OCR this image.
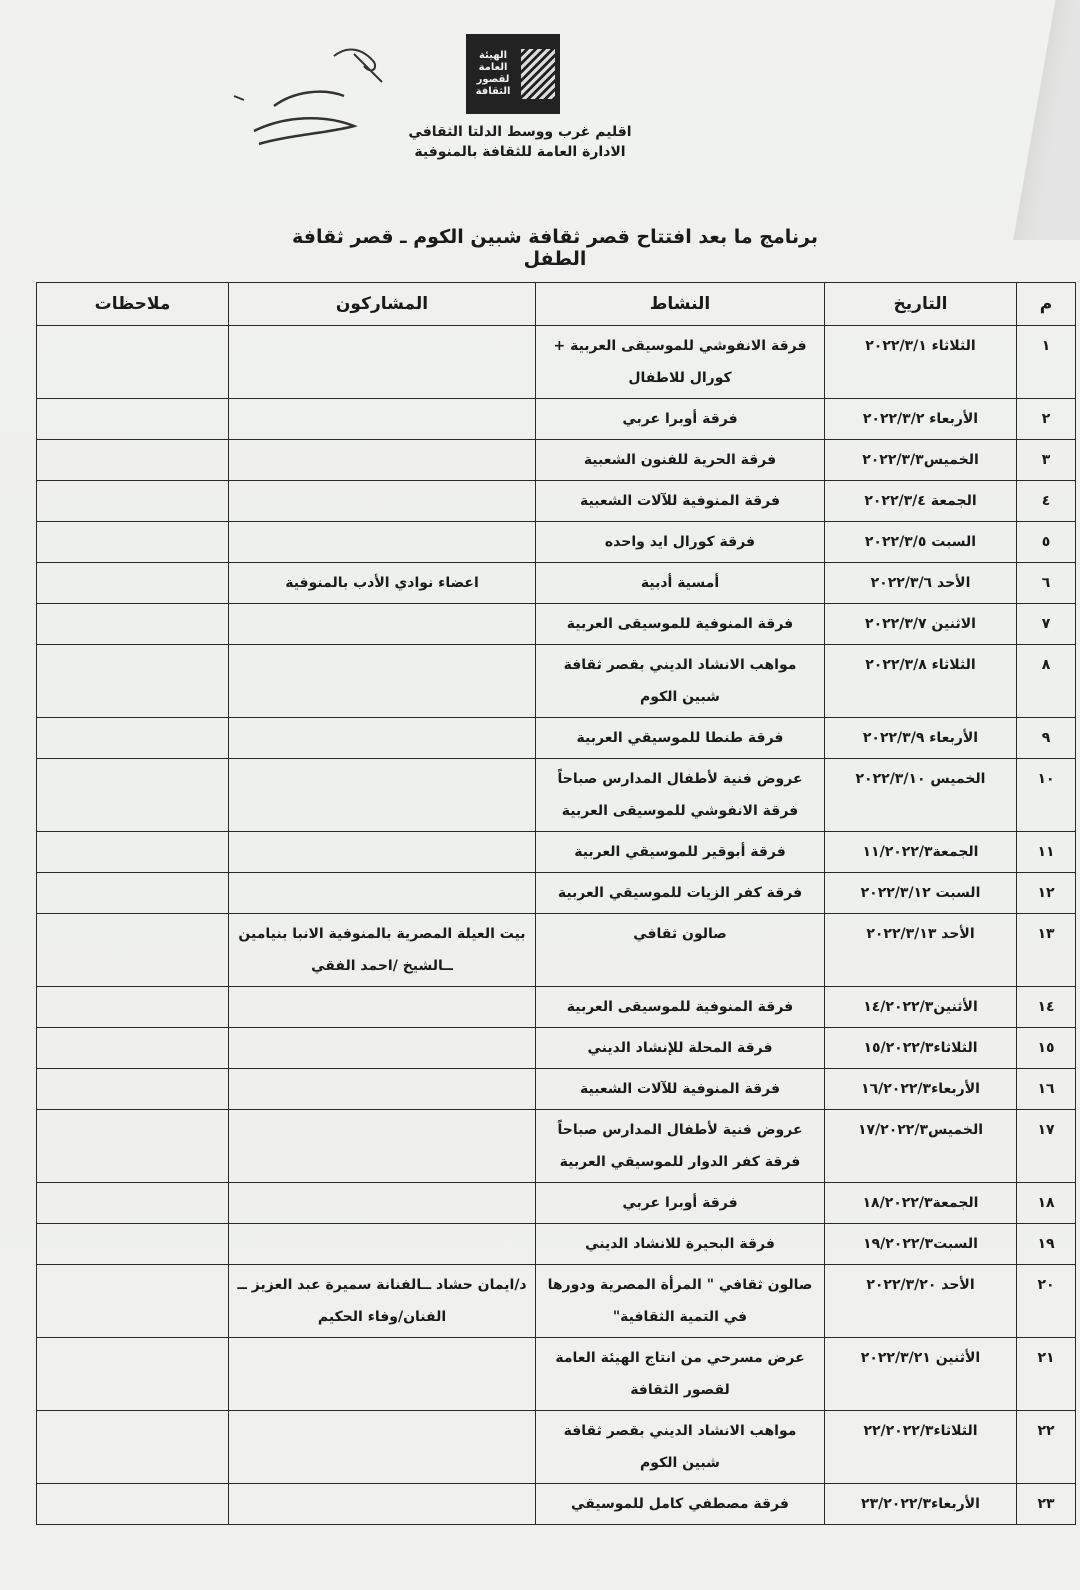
الهيئة العامة لقصور الثقافة
اقليم غرب ووسط الدلتا الثقافي
الادارة العامة للثقافة بالمنوفية
برنامج ما بعد افتتاح قصر ثقافة شبين الكوم ـ قصر ثقافة الطفل
م	التاريخ	النشاط	المشاركون	ملاحظات
١	الثلاثاء ٢٠٢٢/٣/١	فرقة الانفوشي للموسيقى العربية + كورال للاطفال		
٢	الأربعاء ٢٠٢٢/٣/٢	فرقة أوبرا عربي		
٣	الخميس٢٠٢٢/٣/٣	فرقة الحرية للفنون الشعبية		
٤	الجمعة ٢٠٢٢/٣/٤	فرقة المنوفية للآلات الشعبية		
٥	السبت ٢٠٢٢/٣/٥	فرقة كورال ايد واحده		
٦	الأحد ٢٠٢٢/٣/٦	أمسية أدبية	اعضاء نوادي الأدب بالمنوفية	
٧	الاثنين ٢٠٢٢/٣/٧	فرقة المنوفية للموسيقى العربية		
٨	الثلاثاء ٢٠٢٢/٣/٨	مواهب الانشاد الديني بقصر ثقافة شبين الكوم		
٩	الأربعاء ٢٠٢٢/٣/٩	فرقة طنطا للموسيقي العربية		
١٠	الخميس ٢٠٢٢/٣/١٠	عروض فنية لأطفال المدارس صباحاً فرقة الانفوشي للموسيقى العربية		
١١	الجمعة١١/٢٠٢٢/٣	فرقة أبوقير للموسيقي العربية		
١٢	السبت ٢٠٢٢/٣/١٢	فرقة كفر الزيات للموسيقي العربية		
١٣	الأحد ٢٠٢٢/٣/١٣	صالون ثقافي	بيت العيلة المصرية بالمنوفية الانبا بنيامين ــالشيخ /احمد الفقي	
١٤	الأثنين١٤/٢٠٢٢/٣	فرقة المنوفية للموسيقى العربية		
١٥	الثلاثاء١٥/٢٠٢٢/٣	فرقة المحلة للإنشاد الديني		
١٦	الأربعاء١٦/٢٠٢٢/٣	فرقة المنوفية للآلات الشعبية		
١٧	الخميس١٧/٢٠٢٢/٣	عروض فنية لأطفال المدارس صباحاً فرقة كفر الدوار للموسيقي العربية		
١٨	الجمعة١٨/٢٠٢٢/٣	فرقة أوبرا عربي		
١٩	السبت١٩/٢٠٢٢/٣	فرقة البحيرة للانشاد الديني		
٢٠	الأحد ٢٠٢٢/٣/٢٠	صالون ثقافي " المرأة المصرية ودورها في التمية الثقافية"	د/ايمان حشاد ــالفنانة سميرة عبد العزيز ــ الفنان/وفاء الحكيم	
٢١	الأثنين ٢٠٢٢/٣/٢١	عرض مسرحي من انتاج الهيئة العامة لقصور الثقافة		
٢٢	الثلاثاء٢٢/٢٠٢٢/٣	مواهب الانشاد الديني بقصر ثقافة شبين الكوم		
٢٣	الأربعاء٢٣/٢٠٢٢/٣	فرقة مصطفي كامل للموسيقي		
